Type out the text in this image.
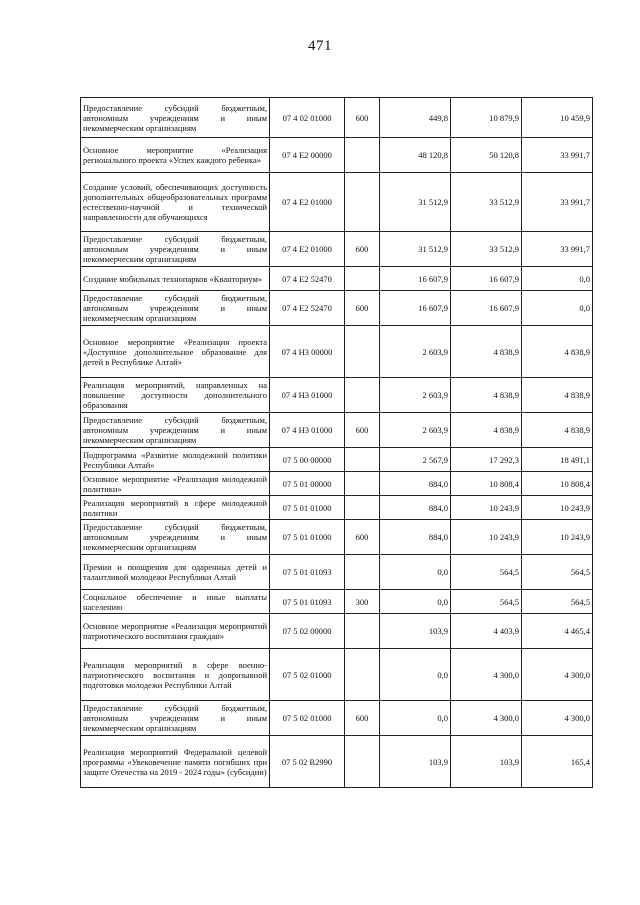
471
Предоставление субсидий бюджетным, автономным учреждениям и иным некоммерческим организациям	07 4 02 01000	600	449,8	10 879,9	10 459,9
Основное мероприятие «Реализация регионального проекта «Успех каждого ребенка»	07 4 E2 00000		48 120,8	50 120,8	33 991,7
Создание условий, обеспечивающих доступность дополнительных общеобразовательных программ естественно-научной и технической направленности для обучающихся	07 4 E2 01000		31 512,9	33 512,9	33 991,7
Предоставление субсидий бюджетным, автономным учреждениям и иным некоммерческим организациям	07 4 E2 01000	600	31 512,9	33 512,9	33 991,7
Создание мобильных технопарков «Кванториум»	07 4 E2 52470		16 607,9	16 607,9	0,0
Предоставление субсидий бюджетным, автономным учреждениям и иным некоммерческим организациям	07 4 E2 52470	600	16 607,9	16 607,9	0,0
Основное мероприятие «Реализация проекта «Доступное дополнительное образование для детей в Республике Алтай»	07 4 Н3 00000		2 603,9	4 838,9	4 838,9
Реализация мероприятий, направленных на повышение доступности дополнительного образования	07 4 Н3 01000		2 603,9	4 838,9	4 838,9
Предоставление субсидий бюджетным, автономным учреждениям и иным некоммерческим организациям	07 4 Н3 01000	600	2 603,9	4 838,9	4 838,9
Подпрограмма «Развитие молодежной политики Республики Алтай»	07 5 00 00000		2 567,9	17 292,3	18 491,1
Основное мероприятие «Реализация молодежной политики»	07 5 01 00000		884,0	10 808,4	10 808,4
Реализация мероприятий в сфере молодежной политики	07 5 01 01000		884,0	10 243,9	10 243,9
Предоставление субсидий бюджетным, автономным учреждениям и иным некоммерческим организациям	07 5 01 01000	600	884,0	10 243,9	10 243,9
Премии и поощрения для одаренных детей и талантливой молодежи Республики Алтай	07 5 01 01093		0,0	564,5	564,5
Социальное обеспечение и иные выплаты населению	07 5 01 01093	300	0,0	564,5	564,5
Основное мероприятие «Реализация мероприятий патриотического воспитания граждан»	07 5 02 00000		103,9	4 403,9	4 465,4
Реализация мероприятий в сфере военно-патриотического воспитания и допризывной подготовки молодежи Республики Алтай	07 5 02 01000		0,0	4 300,0	4 300,0
Предоставление субсидий бюджетным, автономным учреждениям и иным некоммерческим организациям	07 5 02 01000	600	0,0	4 300,0	4 300,0
Реализация мероприятий Федеральной целевой программы «Увековечение памяти погибших при защите Отечества на 2019 - 2024 годы» (субсидии)	07 5 02 R2990		103,9	103,9	165,4
